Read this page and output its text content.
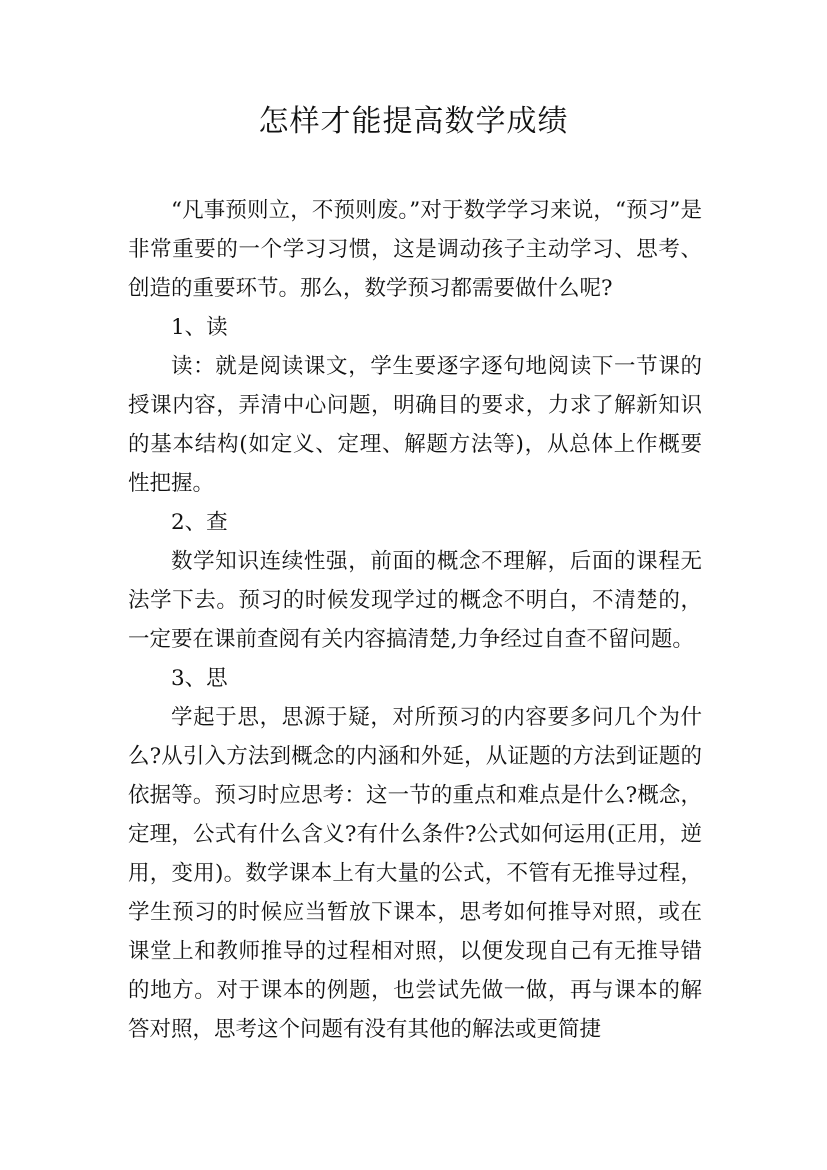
怎样才能提高数学成绩

“凡事预则立，不预则废。”对于数学学习来说，“预习”是非常重要的一个学习习惯，这是调动孩子主动学习、思考、创造的重要环节。那么，数学预习都需要做什么呢?

1、读

读：就是阅读课文，学生要逐字逐句地阅读下一节课的授课内容，弄清中心问题，明确目的要求，力求了解新知识的基本结构(如定义、定理、解题方法等)，从总体上作概要性把握。

2、查

数学知识连续性强，前面的概念不理解，后面的课程无法学下去。预习的时候发现学过的概念不明白，不清楚的，一定要在课前查阅有关内容搞清楚,力争经过自查不留问题。

3、思

学起于思，思源于疑，对所预习的内容要多问几个为什么?从引入方法到概念的内涵和外延，从证题的方法到证题的依据等。预习时应思考：这一节的重点和难点是什么?概念，定理，公式有什么含义?有什么条件?公式如何运用(正用，逆用，变用)。数学课本上有大量的公式，不管有无推导过程，学生预习的时候应当暂放下课本，思考如何推导对照，或在课堂上和教师推导的过程相对照，以便发现自己有无推导错的地方。对于课本的例题，也尝试先做一做，再与课本的解答对照，思考这个问题有没有其他的解法或更简捷
